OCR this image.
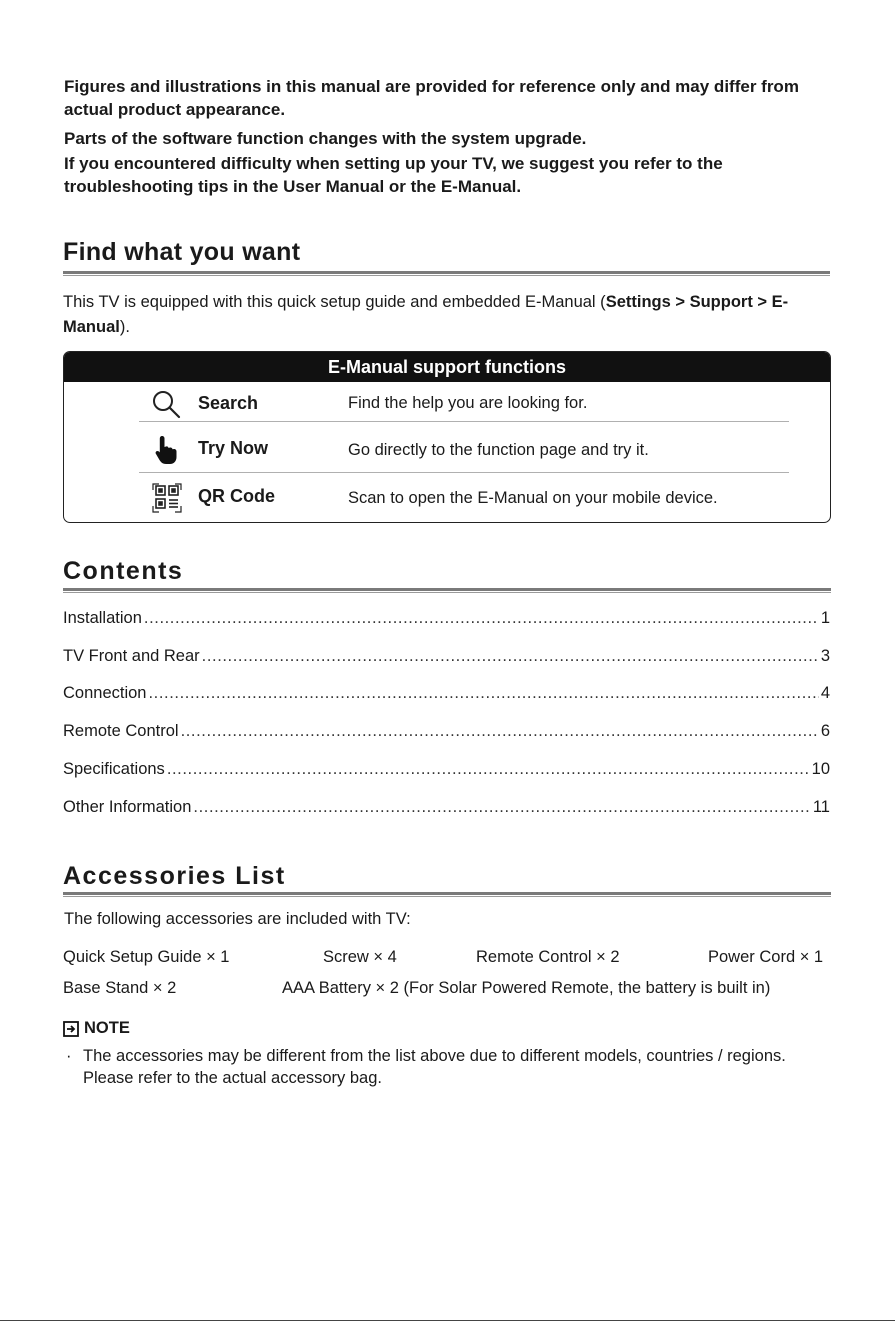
Figures and illustrations in this manual are provided for reference only and may differ from actual product appearance.

Parts of the software function changes with the system upgrade.

If you encountered difficulty when setting up your TV, we suggest you refer to the troubleshooting tips in the User Manual or the E-Manual.

Find what you want
This TV is equipped with this quick setup guide and embedded E-Manual (Settings > Support > E-Manual).
E-Manual support functions
Search	Find the help you are looking for.
Try Now	Go directly to the function page and try it.
QR Code	Scan to open the E-Manual on your mobile device.
Contents
Installation .....	1
TV Front and Rear .....	3
Connection .....	4
Remote Control .....	6
Specifications .....	10
Other Information .....	11
Accessories List
The following accessories are included with TV:
Quick Setup Guide × 1	Screw × 4	Remote Control × 2	Power Cord × 1
Base Stand × 2	AAA Battery × 2 (For Solar Powered Remote, the battery is built in)
NOTE
· The accessories may be different from the list above due to different models, countries / regions. Please refer to the actual accessory bag.
